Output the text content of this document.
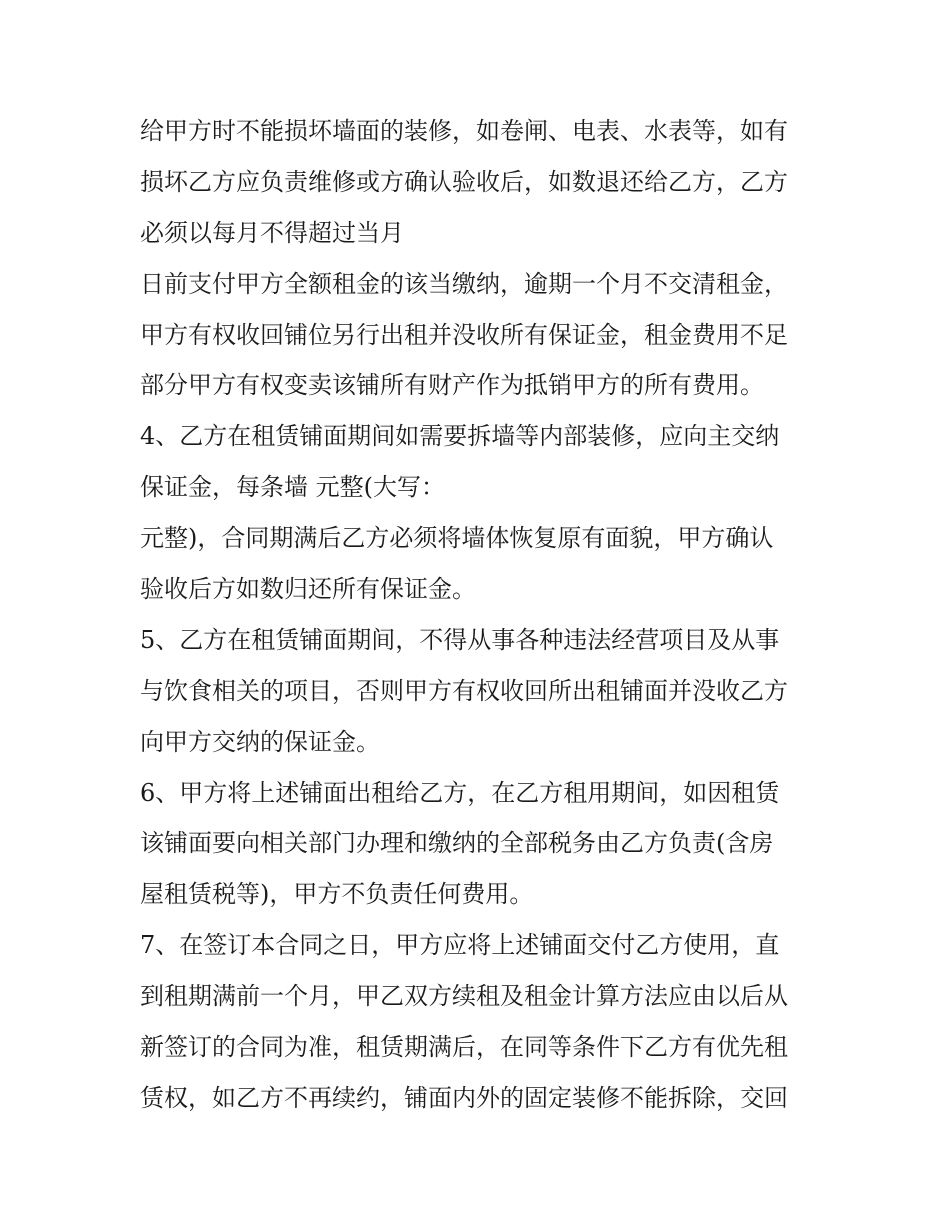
给甲方时不能损坏墙面的装修，如卷闸、电表、水表等，如有
损坏乙方应负责维修或方确认验收后，如数退还给乙方，乙方
必须以每月不得超过当月
日前支付甲方全额租金的该当缴纳，逾期一个月不交清租金，
甲方有权收回铺位另行出租并没收所有保证金，租金费用不足
部分甲方有权变卖该铺所有财产作为抵销甲方的所有费用。
4、乙方在租赁铺面期间如需要拆墙等内部装修，应向主交纳
保证金，每条墙 元整(大写：
元整)，合同期满后乙方必须将墙体恢复原有面貌，甲方确认
验收后方如数归还所有保证金。
5、乙方在租赁铺面期间，不得从事各种违法经营项目及从事
与饮食相关的项目，否则甲方有权收回所出租铺面并没收乙方
向甲方交纳的保证金。
6、甲方将上述铺面出租给乙方，在乙方租用期间，如因租赁
该铺面要向相关部门办理和缴纳的全部税务由乙方负责(含房
屋租赁税等)，甲方不负责任何费用。
7、在签订本合同之日，甲方应将上述铺面交付乙方使用，直
到租期满前一个月，甲乙双方续租及租金计算方法应由以后从
新签订的合同为准，租赁期满后，在同等条件下乙方有优先租
赁权，如乙方不再续约，铺面内外的固定装修不能拆除，交回
